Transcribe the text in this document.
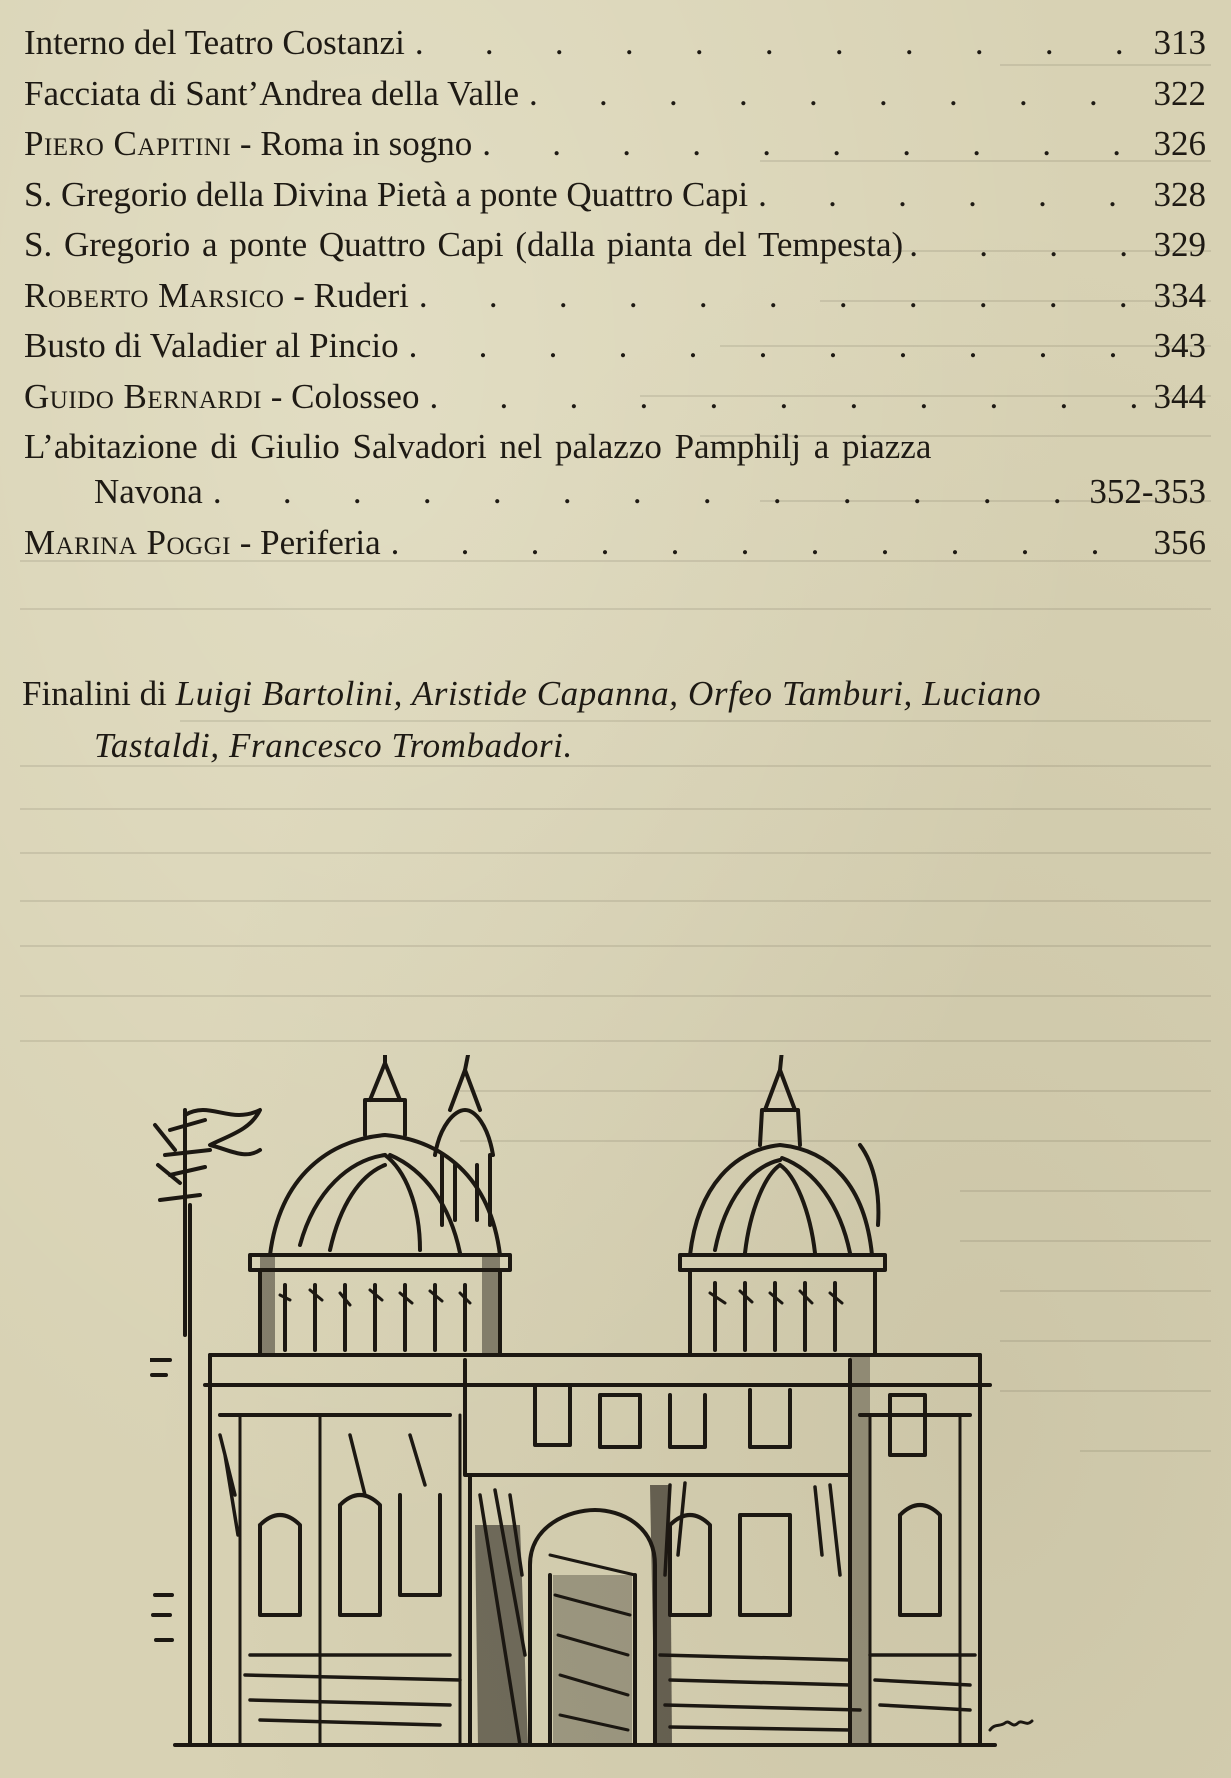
Interno del Teatro Costanzi .	313
Facciata di Sant’Andrea della Valle .	322
Piero Capitini - Roma in sogno .	326
S. Gregorio della Divina Pietà a ponte Quattro Capi .	328
S. Gregorio a ponte Quattro Capi (dalla pianta del Tempesta) .	329
Roberto Marsico - Ruderi .	334
Busto di Valadier al Pincio .	343
Guido Bernardi - Colosseo .	344
L’abitazione di Giulio Salvadori nel palazzo Pamphilj a piazza
Navona .	352-353
Marina Poggi - Periferia .	356
Finalini di Luigi Bartolini, Aristide Capanna, Orfeo Tamburi, Luciano
Tastaldi, Francesco Trombadori.
